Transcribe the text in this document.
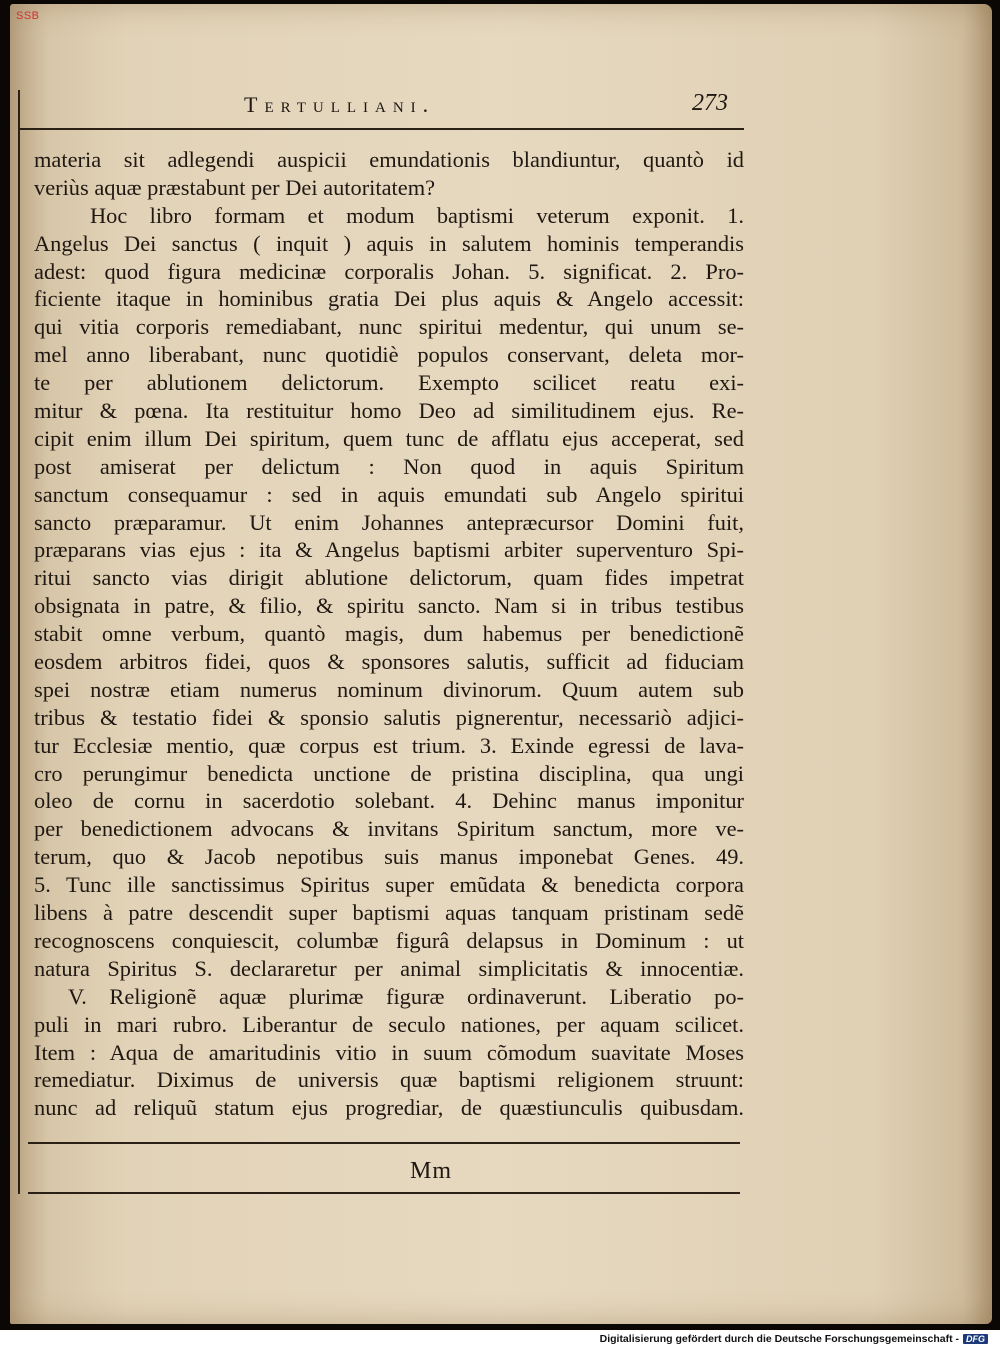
SSB
Tertulliani.	273
materia sit adlegendi auspicii emundationis blandiuntur, quantò id
veriùs aquæ præstabunt per Dei autoritatem?
Hoc libro formam et modum baptismi veterum exponit. 1.
Angelus Dei sanctus ( inquit ) aquis in salutem hominis temperandis
adest: quod figura medicinæ corporalis Johan. 5. significat. 2. Pro-
ficiente itaque in hominibus gratia Dei plus aquis & Angelo accessit:
qui vitia corporis remediabant, nunc spiritui medentur, qui unum se-
mel anno liberabant, nunc quotidiè populos conservant, deleta mor-
te per ablutionem delictorum. Exempto scilicet reatu exi-
mitur & pœna. Ita restituitur homo Deo ad similitudinem ejus. Re-
cipit enim illum Dei spiritum, quem tunc de afflatu ejus acceperat, sed
post amiserat per delictum : Non quod in aquis Spiritum
sanctum consequamur : sed in aquis emundati sub Angelo spiritui
sancto præparamur. Ut enim Johannes antepræcursor Domini fuit,
præparans vias ejus : ita & Angelus baptismi arbiter superventuro Spi-
ritui sancto vias dirigit ablutione delictorum, quam fides impetrat
obsignata in patre, & filio, & spiritu sancto. Nam si in tribus testibus
stabit omne verbum, quantò magis, dum habemus per benedictionẽ
eosdem arbitros fidei, quos & sponsores salutis, sufficit ad fiduciam
spei nostræ etiam numerus nominum divinorum. Quum autem sub
tribus & testatio fidei & sponsio salutis pignerentur, necessariò adjici-
tur Ecclesiæ mentio, quæ corpus est trium. 3. Exinde egressi de lava-
cro perungimur benedicta unctione de pristina disciplina, qua ungi
oleo de cornu in sacerdotio solebant. 4. Dehinc manus imponitur
per benedictionem advocans & invitans Spiritum sanctum, more ve-
terum, quo & Jacob nepotibus suis manus imponebat Genes. 49.
5. Tunc ille sanctissimus Spiritus super emũdata & benedicta corpora
libens à patre descendit super baptismi aquas tanquam pristinam sedẽ
recognoscens conquiescit, columbæ figurâ delapsus in Dominum : ut
natura Spiritus S. declararetur per animal simplicitatis & innocentiæ.
V. Religionẽ aquæ plurimæ figuræ ordinaverunt. Liberatio po-
puli in mari rubro. Liberantur de seculo nationes, per aquam scilicet.
Item : Aqua de amaritudinis vitio in suum cõmodum suavitate Moses
remediatur. Diximus de universis quæ baptismi religionem struunt:
nunc ad reliquũ statum ejus progrediar, de quæstiunculis quibusdam.
Mm
Digitalisierung gefördert durch die Deutsche Forschungsgemeinschaft - DFG
